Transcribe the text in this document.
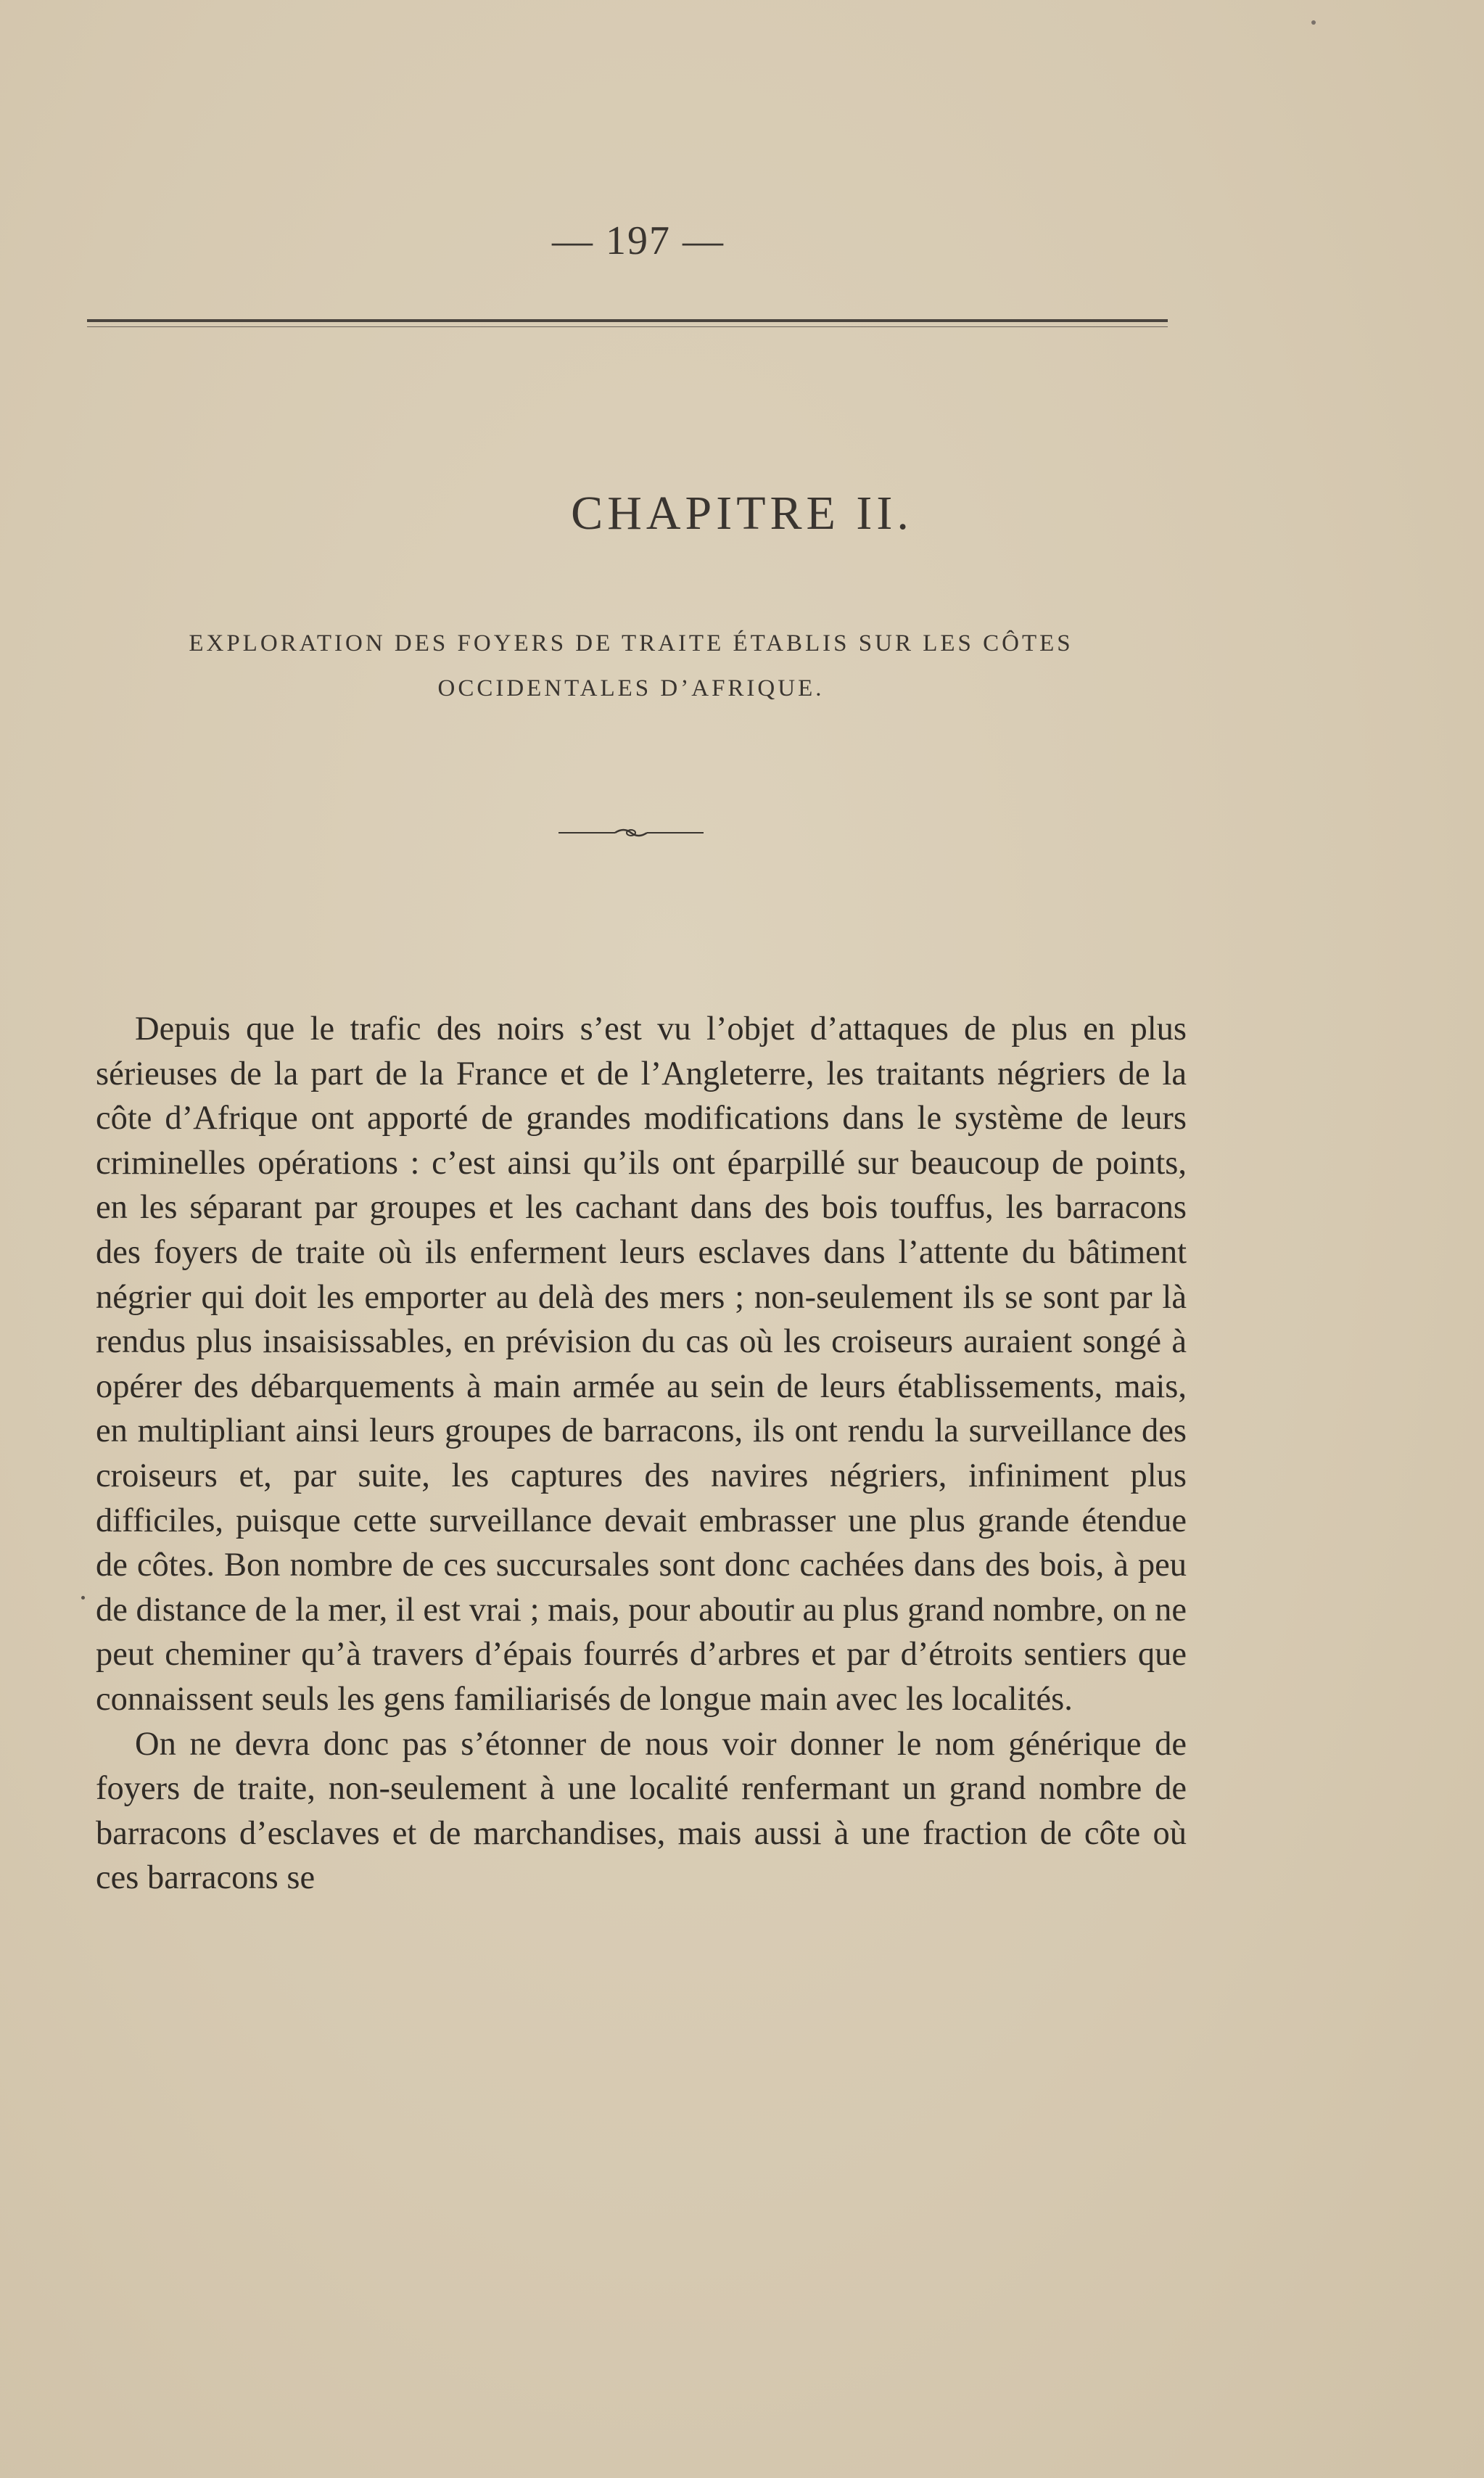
— 197 —
CHAPITRE II.
EXPLORATION DES FOYERS DE TRAITE ÉTABLIS SUR LES CÔTES
OCCIDENTALES D’AFRIQUE.

Depuis que le trafic des noirs s’est vu l’objet d’attaques de plus en plus sérieuses de la part de la France et de l’Angleterre, les traitants négriers de la côte d’Afrique ont apporté de grandes modifications dans le système de leurs criminelles opérations : c’est ainsi qu’ils ont éparpillé sur beaucoup de points, en les séparant par groupes et les cachant dans des bois touffus, les barracons des foyers de traite où ils enferment leurs esclaves dans l’attente du bâtiment négrier qui doit les emporter au delà des mers ; non-seulement ils se sont par là rendus plus insaisissables, en prévision du cas où les croiseurs auraient songé à opérer des débarquements à main armée au sein de leurs établissements, mais, en multipliant ainsi leurs groupes de barracons, ils ont rendu la surveillance des croiseurs et, par suite, les captures des navires négriers, infiniment plus difficiles, puisque cette surveillance devait embrasser une plus grande étendue de côtes. Bon nombre de ces succursales sont donc cachées dans des bois, à peu de distance de la mer, il est vrai ; mais, pour aboutir au plus grand nombre, on ne peut cheminer qu’à travers d’épais fourrés d’arbres et par d’étroits sentiers que connaissent seuls les gens familiarisés de longue main avec les localités.

On ne devra donc pas s’étonner de nous voir donner le nom générique de foyers de traite, non-seulement à une localité renfermant un grand nombre de barracons d’esclaves et de marchandises, mais aussi à une fraction de côte où ces barracons se
